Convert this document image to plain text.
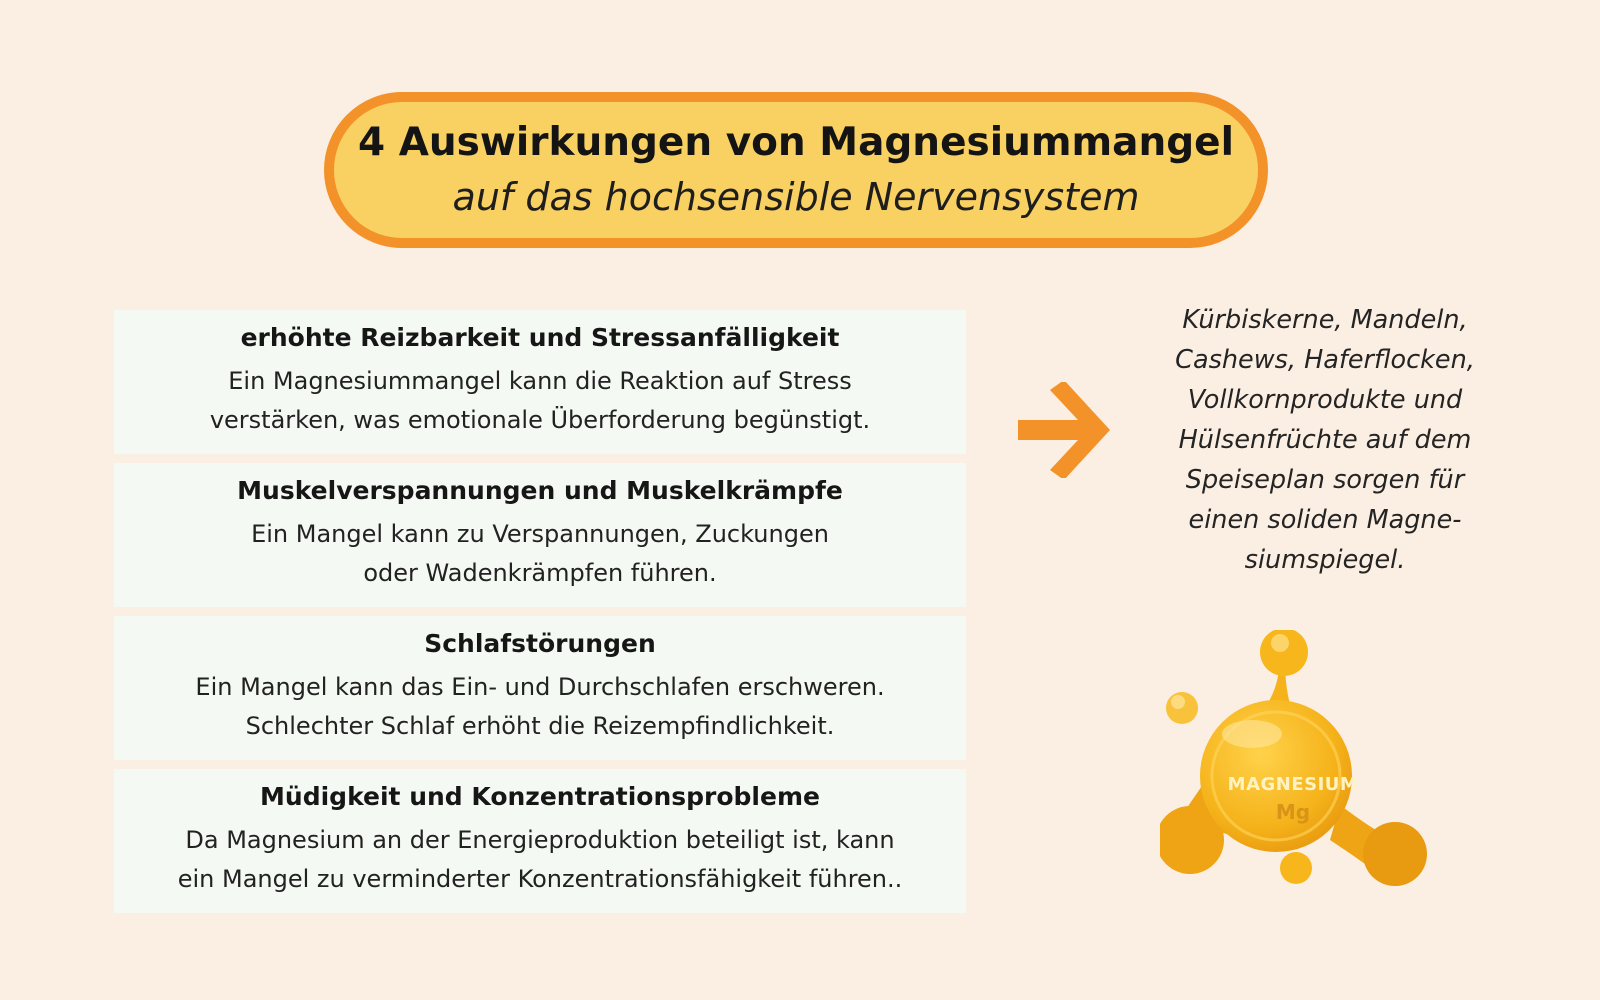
4 Auswirkungen von Magnesiummangel
auf das hochsensible Nervensystem
erhöhte Reizbarkeit und Stressanfälligkeit
Ein Magnesiummangel kann die Reaktion auf Stress
verstärken, was emotionale Überforderung begünstigt.
Muskelverspannungen und Muskelkrämpfe
Ein Mangel kann zu Verspannungen, Zuckungen
oder Wadenkrämpfen führen.
Schlafstörungen
Ein Mangel kann das Ein- und Durchschlafen erschweren.
Schlechter Schlaf erhöht die Reizempfindlichkeit.
Müdigkeit und Konzentrationsprobleme
Da Magnesium an der Energieproduktion beteiligt ist, kann
ein Mangel zu verminderter Konzentrationsfähigkeit führen..
Kürbiskerne, Mandeln,
Cashews, Haferflocken,
Vollkornprodukte und
Hülsenfrüchte auf dem
Speiseplan sorgen für
einen soliden Magne-
siumspiegel.
MAGNESIUM
Mg
